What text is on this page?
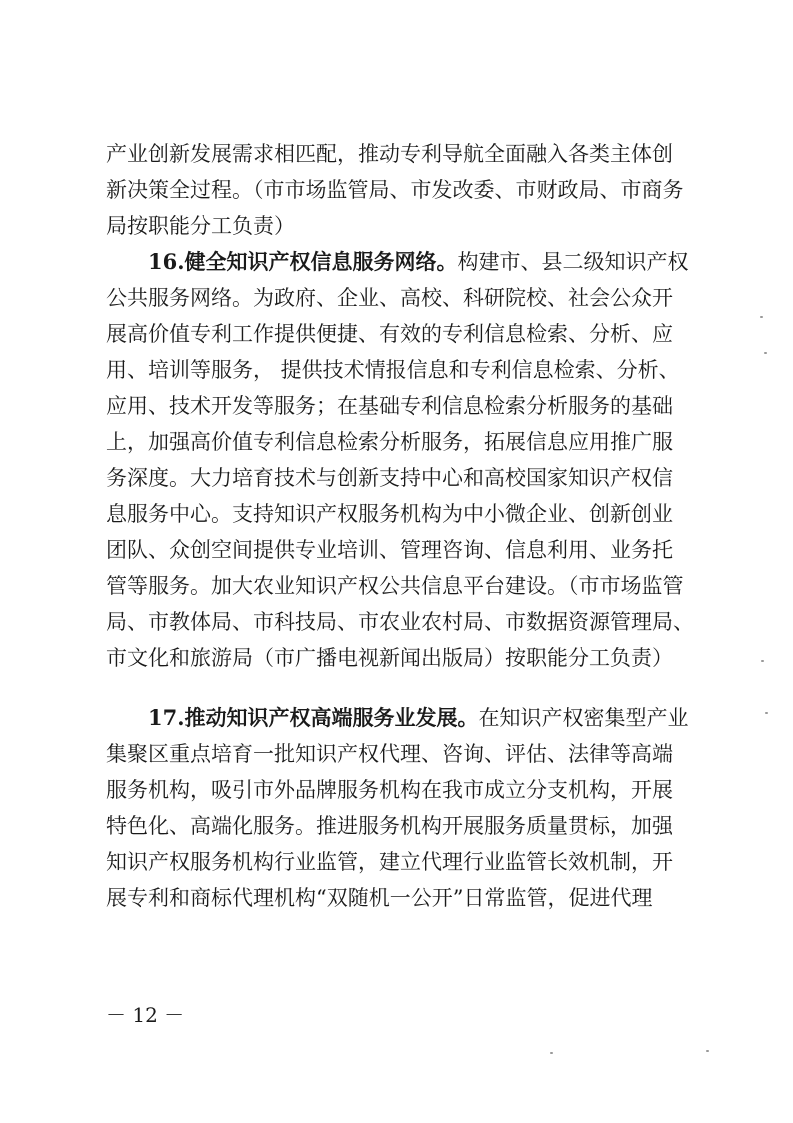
产业创新发展需求相匹配，推动专利导航全面融入各类主体创
新决策全过程。（市市场监管局、市发改委、市财政局、市商务
局按职能分工负责）
16.健全知识产权信息服务网络。构建市、县二级知识产权
公共服务网络。为政府、企业、高校、科研院校、社会公众开
展高价值专利工作提供便捷、有效的专利信息检索、分析、应
用、培训等服务， 提供技术情报信息和专利信息检索、分析、
应用、技术开发等服务；在基础专利信息检索分析服务的基础
上，加强高价值专利信息检索分析服务，拓展信息应用推广服
务深度。大力培育技术与创新支持中心和高校国家知识产权信
息服务中心。支持知识产权服务机构为中小微企业、创新创业
团队、众创空间提供专业培训、管理咨询、信息利用、业务托
管等服务。加大农业知识产权公共信息平台建设。（市市场监管
局、市教体局、市科技局、市农业农村局、市数据资源管理局、
市文化和旅游局（市广播电视新闻出版局）按职能分工负责）
17.推动知识产权高端服务业发展。在知识产权密集型产业
集聚区重点培育一批知识产权代理、咨询、评估、法律等高端
服务机构，吸引市外品牌服务机构在我市成立分支机构，开展
特色化、高端化服务。推进服务机构开展服务质量贯标，加强
知识产权服务机构行业监管，建立代理行业监管长效机制，开
展专利和商标代理机构“双随机一公开”日常监管，促进代理
－ 12 －
